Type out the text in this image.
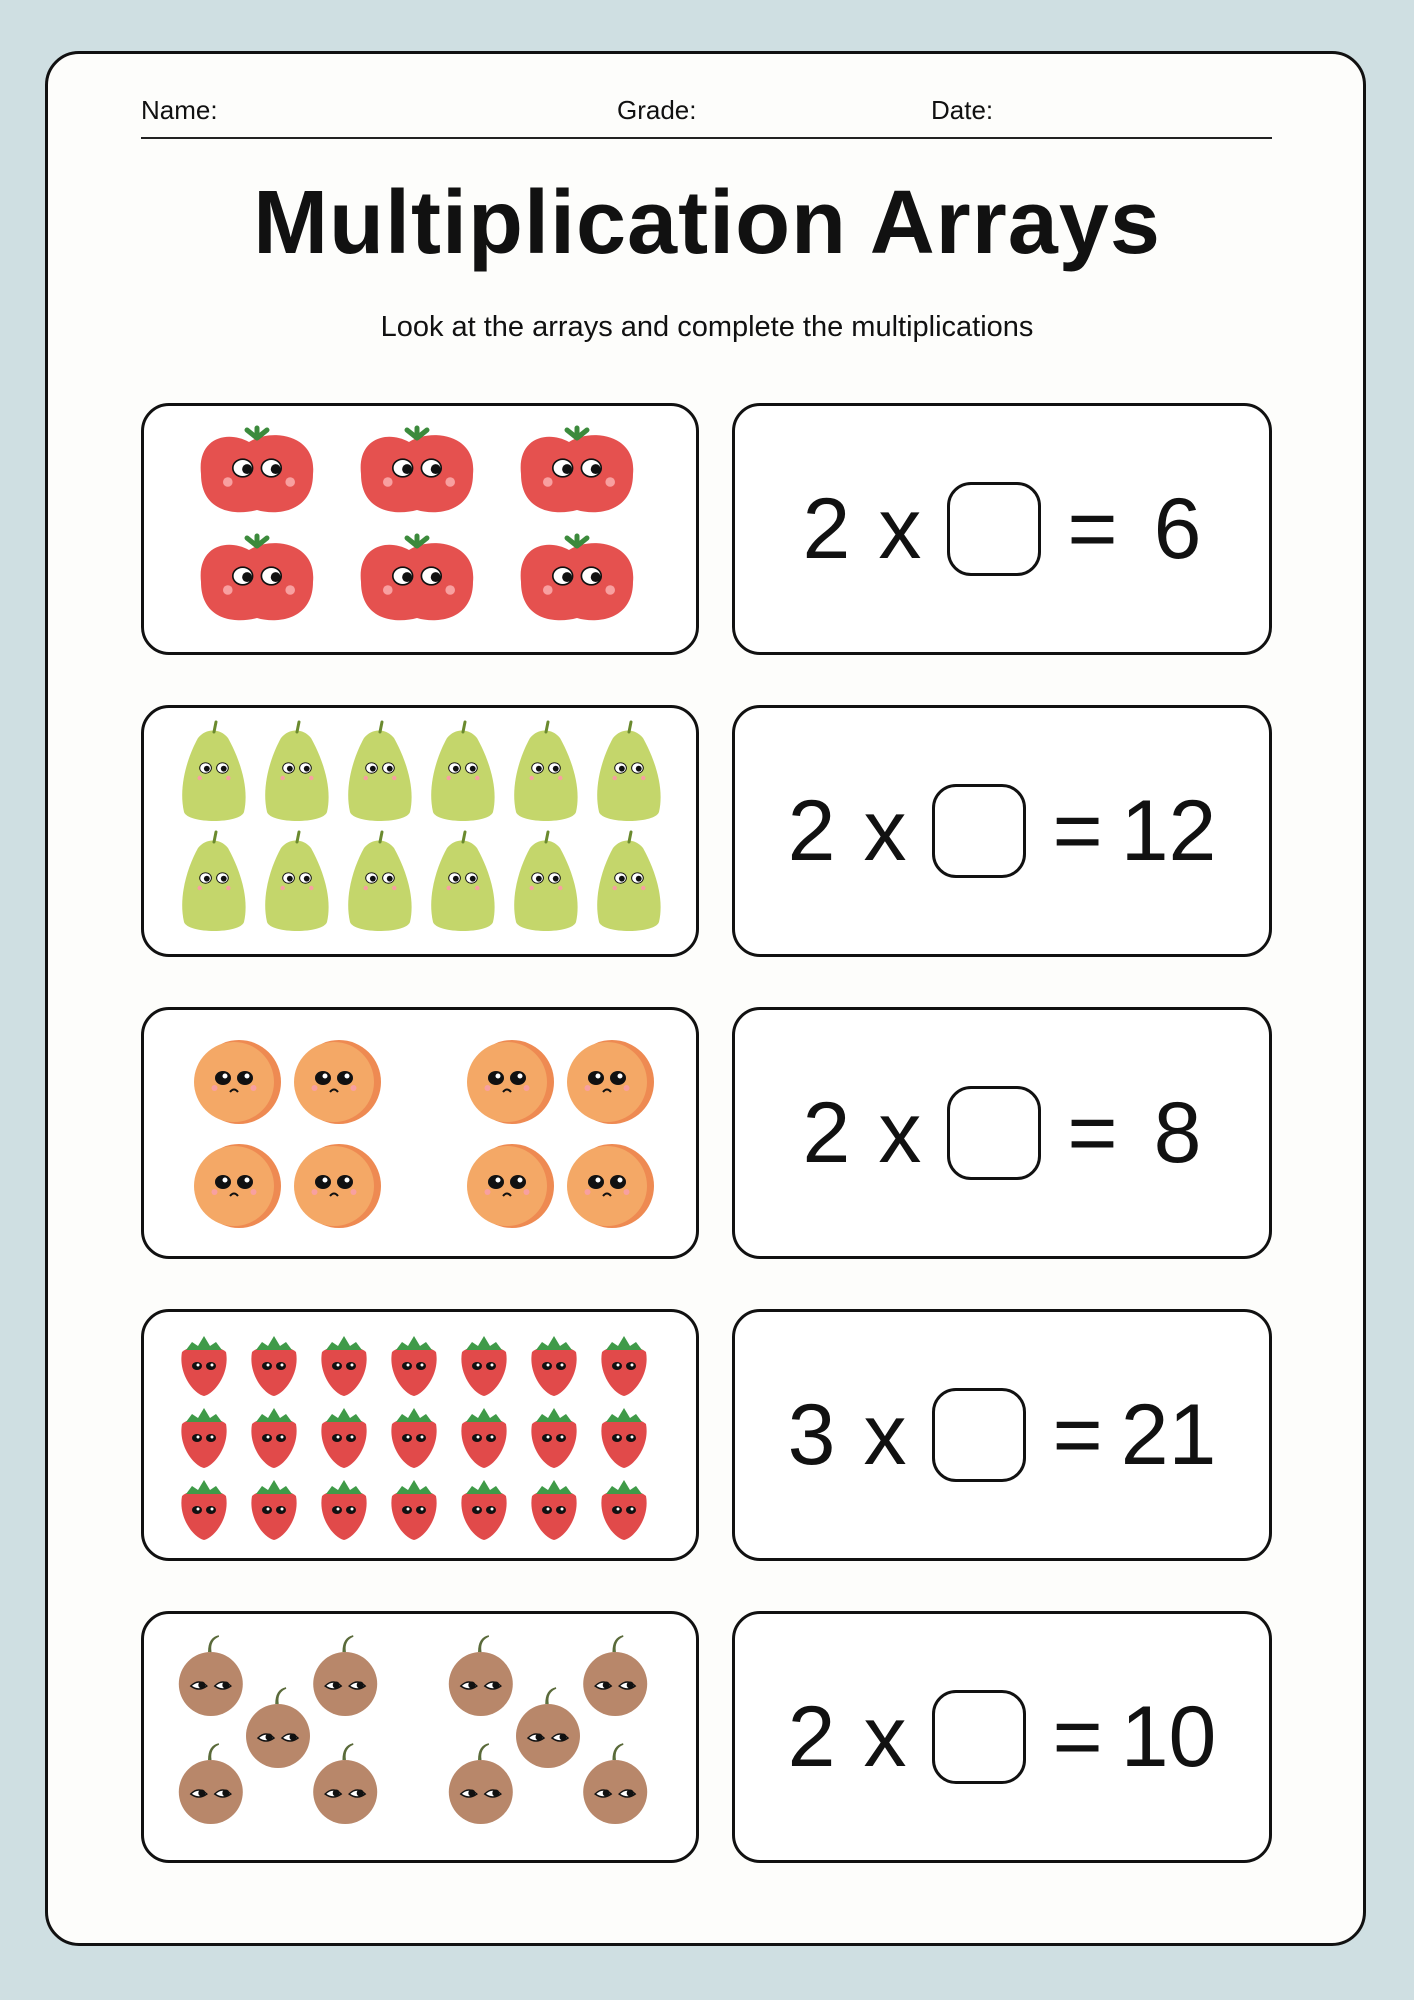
Name:	Grade:	Date:
Multiplication Arrays
Look at the arrays and complete the multiplications
2 x = 6
2 x = 12
2 x = 8
3 x = 21
2 x = 10
